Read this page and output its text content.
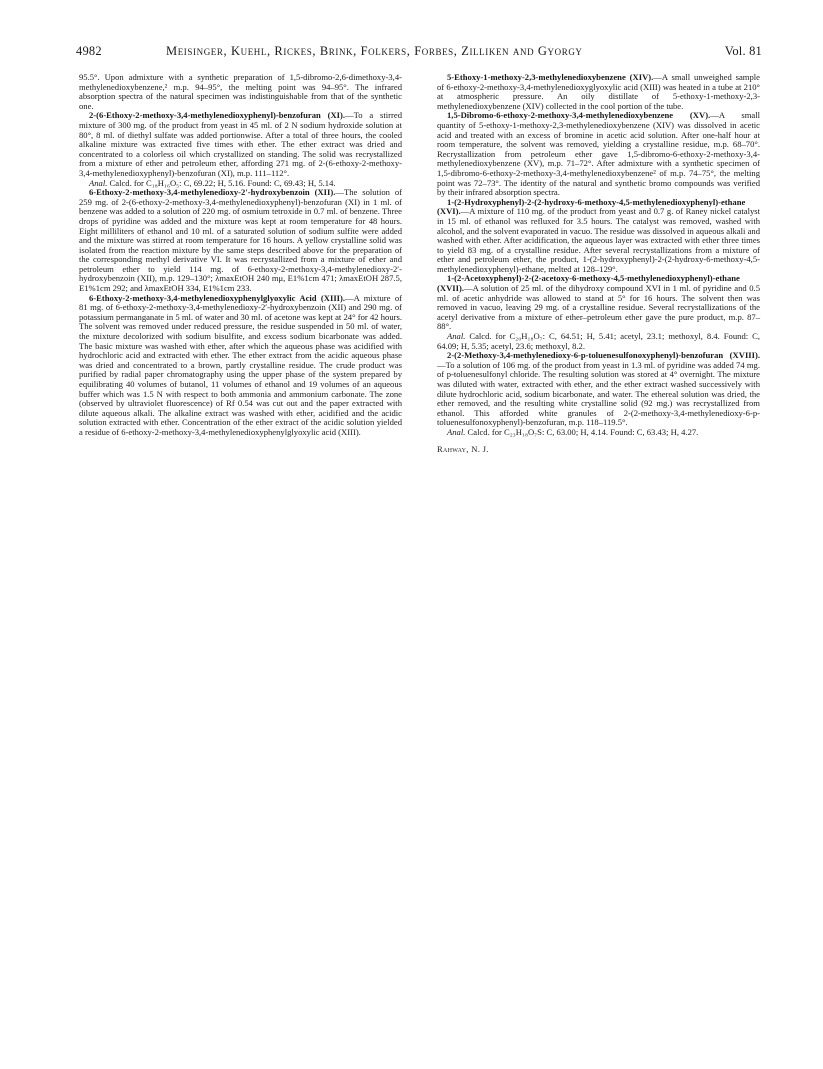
4982	Meisinger, Kuehl, Rickes, Brink, Folkers, Forbes, Zilliken and Gyorgy	Vol. 81

95.5°. Upon admixture with a synthetic preparation of 1,5-dibromo-2,6-dimethoxy-3,4-methylenedioxybenzene,² m.p. 94–95°, the melting point was 94–95°. The infrared absorption spectra of the natural specimen was indistinguishable from that of the synthetic one.

2-(6-Ethoxy-2-methoxy-3,4-methylenedioxyphenyl)-benzofuran (XI).—To a stirred mixture of 300 mg. of the product from yeast in 45 ml. of 2 N sodium hydroxide solution at 80°, 8 ml. of diethyl sulfate was added portionwise. After a total of three hours, the cooled alkaline mixture was extracted five times with ether. The ether extract was dried and concentrated to a colorless oil which crystallized on standing. The solid was recrystallized from a mixture of ether and petroleum ether, affording 271 mg. of 2-(6-ethoxy-2-methoxy-3,4-methylenedioxyphenyl)-benzofuran (XI), m.p. 111–112°.

Anal. Calcd. for C₁₈H₁₆O₅: C, 69.22; H, 5.16. Found: C, 69.43; H, 5.14.

6-Ethoxy-2-methoxy-3,4-methylenedioxy-2′-hydroxybenzoin (XII).—The solution of 259 mg. of 2-(6-ethoxy-2-methoxy-3,4-methylenedioxyphenyl)-benzofuran (XI) in 1 ml. of benzene was added to a solution of 220 mg. of osmium tetroxide in 0.7 ml. of benzene. Three drops of pyridine was added and the mixture was kept at room temperature for 48 hours. Eight milliliters of ethanol and 10 ml. of a saturated solution of sodium sulfite were added and the mixture was stirred at room temperature for 16 hours. A yellow crystalline solid was isolated from the reaction mixture by the same steps described above for the preparation of the corresponding methyl derivative VI. It was recrystallized from a mixture of ether and petroleum ether to yield 114 mg. of 6-ethoxy-2-methoxy-3,4-methylenedioxy-2′-hydroxybenzoin (XII), m.p. 129–130°; λmaxEtOH 240 mμ, E1%1cm 471; λmaxEtOH 287.5, E1%1cm 292; and λmaxEtOH 334, E1%1cm 233.

6-Ethoxy-2-methoxy-3,4-methylenedioxyphenylglyoxylic Acid (XIII).—A mixture of 81 mg. of 6-ethoxy-2-methoxy-3,4-methylenedioxy-2′-hydroxybenzoin (XII) and 290 mg. of potassium permanganate in 5 ml. of water and 30 ml. of acetone was kept at 24° for 42 hours. The solvent was removed under reduced pressure, the residue suspended in 50 ml. of water, the mixture decolorized with sodium bisulfite, and excess sodium bicarbonate was added. The basic mixture was washed with ether, after which the aqueous phase was acidified with hydrochloric acid and extracted with ether. The ether extract from the acidic aqueous phase was dried and concentrated to a brown, partly crystalline residue. The crude product was purified by radial paper chromatography using the upper phase of the system prepared by equilibrating 40 volumes of butanol, 11 volumes of ethanol and 19 volumes of an aqueous buffer which was 1.5 N with respect to both ammonia and ammonium carbonate. The zone (observed by ultraviolet fluorescence) of Rf 0.54 was cut out and the paper extracted with dilute aqueous alkali. The alkaline extract was washed with ether, acidified and the acidic solution extracted with ether. Concentration of the ether extract of the acidic solution yielded a residue of 6-ethoxy-2-methoxy-3,4-methylenedioxyphenylglyoxylic acid (XIII).

5-Ethoxy-1-methoxy-2,3-methylenedioxybenzene (XIV).—A small unweighed sample of 6-ethoxy-2-methoxy-3,4-methylenedioxyglyoxylic acid (XIII) was heated in a tube at 210° at atmospheric pressure. An oily distillate of 5-ethoxy-1-methoxy-2,3-methylenedioxybenzene (XIV) collected in the cool portion of the tube.

1,5-Dibromo-6-ethoxy-2-methoxy-3,4-methylenedioxybenzene (XV).—A small quantity of 5-ethoxy-1-methoxy-2,3-methylenedioxybenzene (XIV) was dissolved in acetic acid and treated with an excess of bromine in acetic acid solution. After one-half hour at room temperature, the solvent was removed, yielding a crystalline residue, m.p. 68–70°. Recrystallization from petroleum ether gave 1,5-dibromo-6-ethoxy-2-methoxy-3,4-methylenedioxybenzene (XV), m.p. 71–72°. After admixture with a synthetic specimen of 1,5-dibromo-6-ethoxy-2-methoxy-3,4-methylenedioxybenzene² of m.p. 74–75°, the melting point was 72–73°. The identity of the natural and synthetic bromo compounds was verified by their infrared absorption spectra.

1-(2-Hydroxyphenyl)-2-(2-hydroxy-6-methoxy-4,5-methylenedioxyphenyl)-ethane (XVI).—A mixture of 110 mg. of the product from yeast and 0.7 g. of Raney nickel catalyst in 15 ml. of ethanol was refluxed for 3.5 hours. The catalyst was removed, washed with alcohol, and the solvent evaporated in vacuo. The residue was dissolved in aqueous alkali and washed with ether. After acidification, the aqueous layer was extracted with ether three times to yield 83 mg. of a crystalline residue. After several recrystallizations from a mixture of ether and petroleum ether, the product, 1-(2-hydroxyphenyl)-2-(2-hydroxy-6-methoxy-4,5-methylenedioxyphenyl)-ethane, melted at 128–129°.

1-(2-Acetoxyphenyl)-2-(2-acetoxy-6-methoxy-4,5-methylenedioxyphenyl)-ethane (XVII).—A solution of 25 ml. of the dihydroxy compound XVI in 1 ml. of pyridine and 0.5 ml. of acetic anhydride was allowed to stand at 5° for 16 hours. The solvent then was removed in vacuo, leaving 29 mg. of a crystalline residue. Several recrystallizations of the acetyl derivative from a mixture of ether–petroleum ether gave the pure product, m.p. 87–88°.

Anal. Calcd. for C₂₀H₁₈O₇: C, 64.51; H, 5.41; acetyl, 23.1; methoxyl, 8.4. Found: C, 64.09; H, 5.35; acetyl, 23.6; methoxyl, 8.2.

2-(2-Methoxy-3,4-methylenedioxy-6-p-toluenesulfonoxyphenyl)-benzofuran (XVIII).—To a solution of 106 mg. of the product from yeast in 1.3 ml. of pyridine was added 74 mg. of p-toluenesulfonyl chloride. The resulting solution was stored at 4° overnight. The mixture was diluted with water, extracted with ether, and the ether extract washed successively with dilute hydrochloric acid, sodium bicarbonate, and water. The ethereal solution was dried, the ether removed, and the resulting white crystalline solid (92 mg.) was recrystallized from ethanol. This afforded white granules of 2-(2-methoxy-3,4-methylenedioxy-6-p-toluenesulfonoxyphenyl)-benzofuran, m.p. 118–119.5°.

Anal. Calcd. for C₂₃H₁₈O₇S: C, 63.00; H, 4.14. Found: C, 63.43; H, 4.27.

Rahway, N. J.
